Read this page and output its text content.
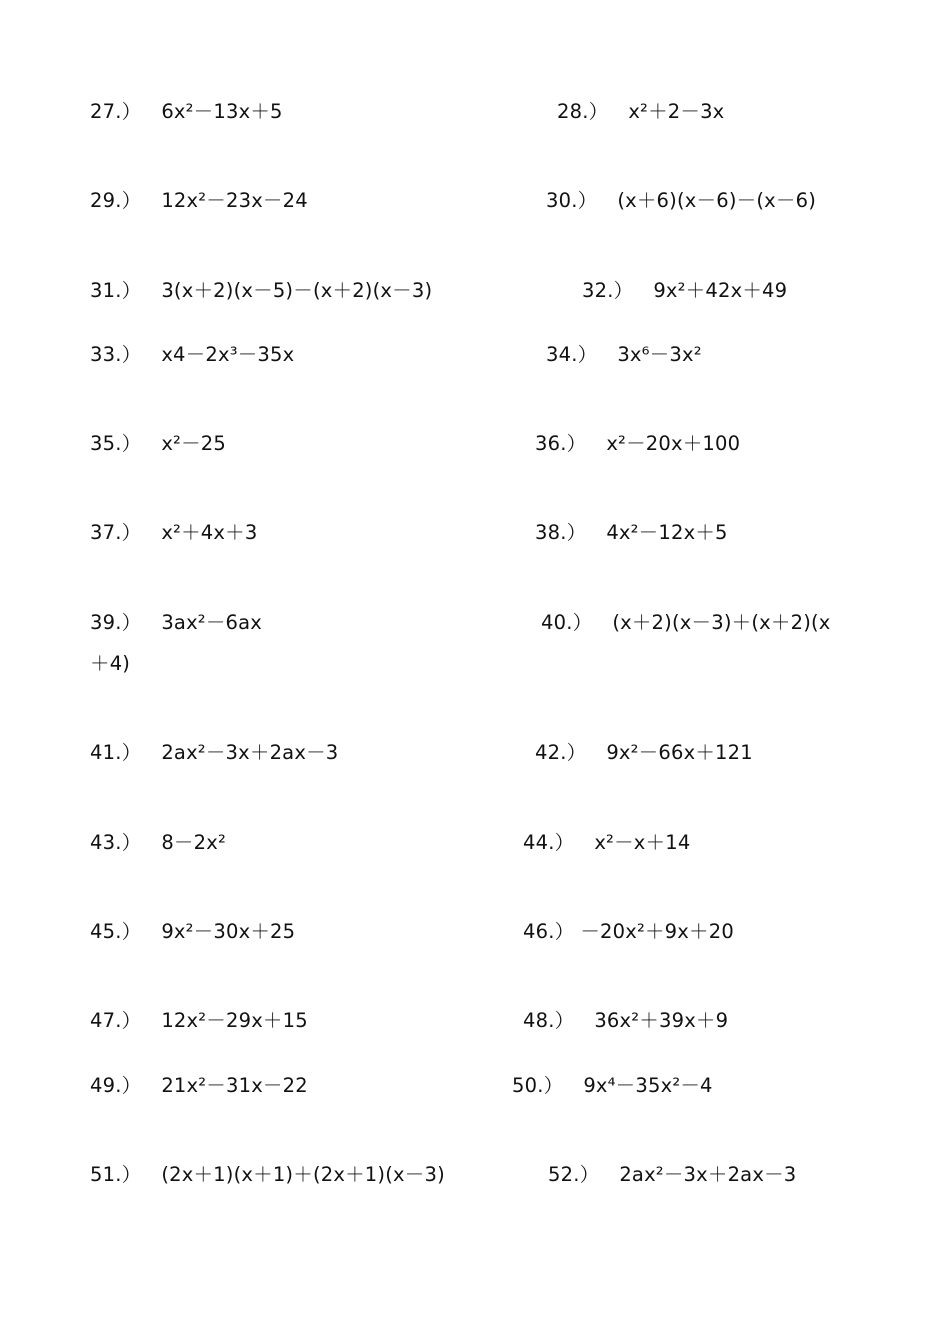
27.） 6x²－13x＋5	28.） x²＋2－3x
29.） 12x²－23x－24	30.） (x＋6)(x－6)－(x－6)
31.） 3(x＋2)(x－5)－(x＋2)(x－3)	32.） 9x²＋42x＋49
33.） x4－2x³－35x	34.） 3x⁶－3x²
35.） x²－25	36.） x²－20x＋100
37.） x²＋4x＋3	38.） 4x²－12x＋5
39.） 3ax²－6ax	40.） (x＋2)(x－3)＋(x＋2)(x
＋4)
41.） 2ax²－3x＋2ax－3	42.） 9x²－66x＋121
43.） 8－2x²	44.） x²－x＋14
45.） 9x²－30x＋25	46.） －20x²＋9x＋20
47.） 12x²－29x＋15	48.） 36x²＋39x＋9
49.） 21x²－31x－22	50.） 9x⁴－35x²－4
51.） (2x＋1)(x＋1)＋(2x＋1)(x－3)	52.） 2ax²－3x＋2ax－3
